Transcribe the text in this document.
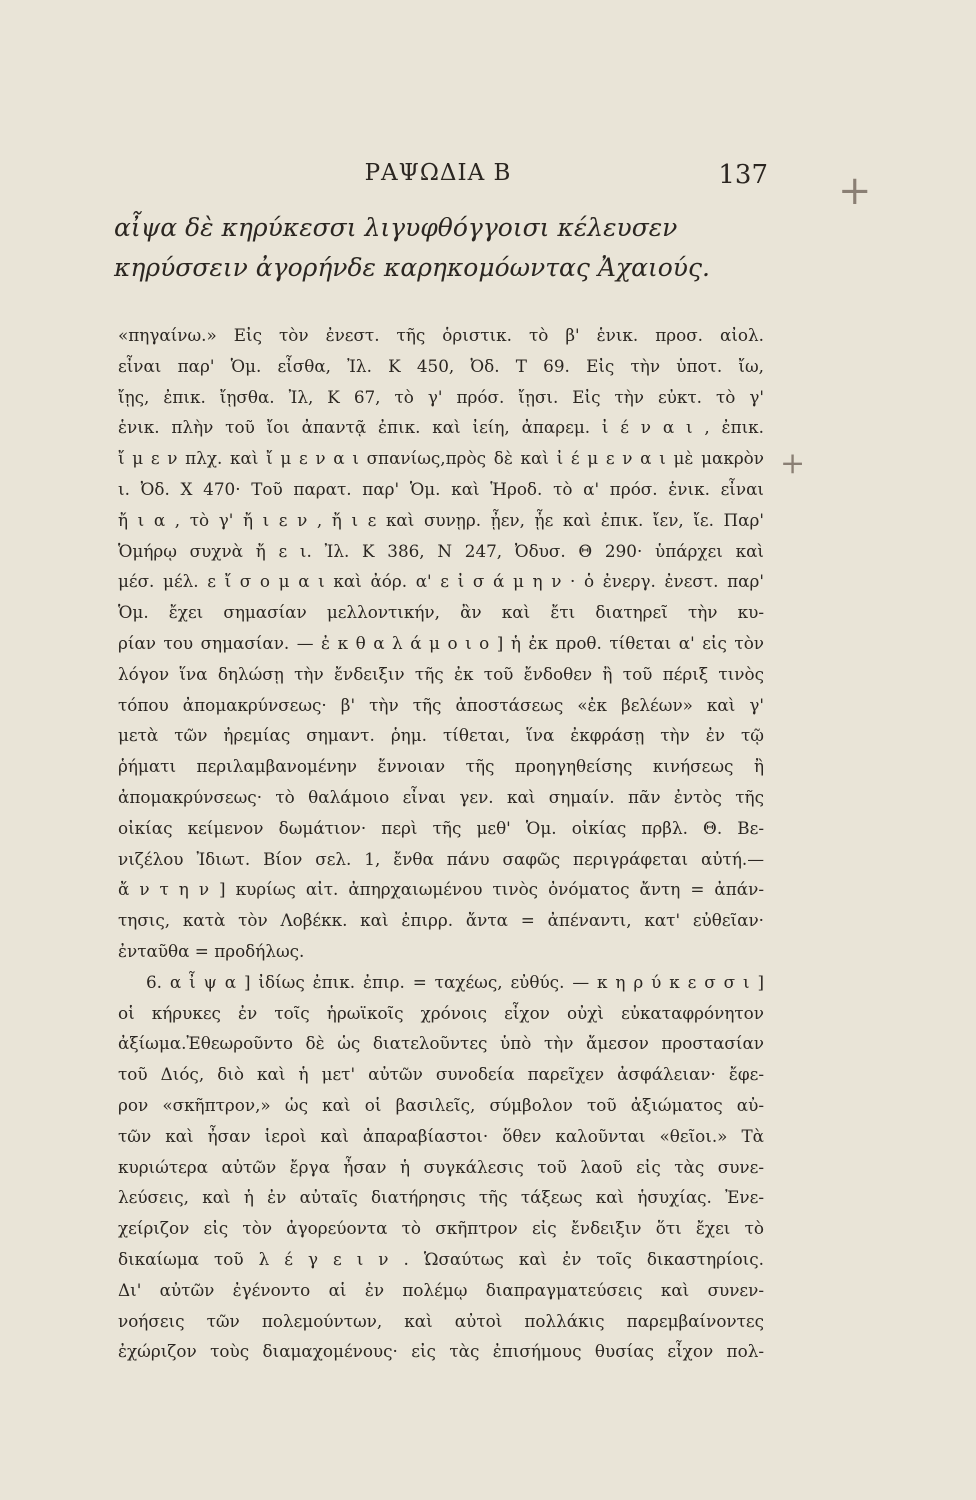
ΡΑΨΩΔΙΑ Β	137
αἶψα δὲ κηρύκεσσι λιγυφθόγγοισι κέλευσεν
κηρύσσειν ἀγορήνδε καρηκομόωντας Ἀχαιούς.
«πηγαίνω.» Εἰς τὸν ἐνεστ. τῆς ὁριστικ. τὸ β' ἑνικ. προσ. αἰολ.
εἶναι παρ' Ὁμ. εἶσθα, Ἰλ. Κ 450, Ὀδ. Τ 69. Εἰς τὴν ὑποτ. ἴω,
ἴῃς, ἐπικ. ἴῃσθα. Ἰλ, Κ 67, τὸ γ' πρόσ. ἴῃσι. Εἰς τὴν εὐκτ. τὸ γ'
ἑνικ. πλὴν τοῦ ἴοι ἀπαντᾷ ἐπικ. καὶ ἰείη, ἀπαρεμ. ἰ έ ν α ι , ἐπικ.
ἴ μ ε ν πλχ. καὶ ἴ μ ε ν α ι σπανίως,πρὸς δὲ καὶ ἰ έ μ ε ν α ι μὲ μακρὸν
ι. Ὀδ. Χ 470· Τοῦ παρατ. παρ' Ὁμ. καὶ Ἡροδ. τὸ α' πρόσ. ἑνικ. εἶναι
ἤ ι α , τὸ γ' ἤ ι ε ν , ἤ ι ε καὶ συνῃρ. ᾖεν, ᾖε καὶ ἐπικ. ἴεν, ἴε. Παρ'
Ὁμήρῳ συχνὰ ἤ ε ι. Ἰλ. Κ 386, Ν 247, Ὀδυσ. Θ 290· ὑπάρχει καὶ
μέσ. μέλ. ε ἴ σ ο μ α ι καὶ ἀόρ. α' ε ἰ σ ά μ η ν · ὁ ἐνεργ. ἐνεστ. παρ'
Ὁμ. ἔχει σημασίαν μελλοντικήν, ἂν καὶ ἔτι διατηρεῖ τὴν κυ-
ρίαν του σημασίαν. — ἐ κ θ α λ ά μ ο ι ο ] ἡ ἐκ προθ. τίθεται α' εἰς τὸν
λόγον ἵνα δηλώσῃ τὴν ἔνδειξιν τῆς ἐκ τοῦ ἔνδοθεν ἢ τοῦ πέριξ τινὸς
τόπου ἀπομακρύνσεως· β' τὴν τῆς ἀποστάσεως «ἐκ βελέων» καὶ γ'
μετὰ τῶν ἠρεμίας σημαντ. ῥημ. τίθεται, ἵνα ἐκφράσῃ τὴν ἐν τῷ
ῥήματι περιλαμβανομένην ἔννοιαν τῆς προηγηθείσης κινήσεως ἢ
ἀπομακρύνσεως· τὸ θαλάμοιο εἶναι γεν. καὶ σημαίν. πᾶν ἐντὸς τῆς
οἰκίας κείμενον δωμάτιον· περὶ τῆς μεθ' Ὁμ. οἰκίας πρβλ. Θ. Βε-
νιζέλου Ἰδιωτ. Βίον σελ. 1, ἔνθα πάνυ σαφῶς περιγράφεται αὐτή.—
ἄ ν τ η ν ] κυρίως αἰτ. ἀπηρχαιωμένου τινὸς ὀνόματος ἄντη = ἀπάν-
τησις, κατὰ τὸν Λοβέκκ. καὶ ἐπιρρ. ἄντα = ἀπέναντι, κατ' εὐθεῖαν·
ἐνταῦθα = προδήλως.
6. α ἶ ψ α ] ἰδίως ἐπικ. ἐπιρ. = ταχέως, εὐθύς. — κ η ρ ύ κ ε σ σ ι ]
οἱ κήρυκες ἐν τοῖς ἡρωϊκοῖς χρόνοις εἶχον οὐχὶ εὐκαταφρόνητον
ἀξίωμα.Ἐθεωροῦντο δὲ ὡς διατελοῦντες ὑπὸ τὴν ἄμεσον προστασίαν
τοῦ Διός, διὸ καὶ ἡ μετ' αὐτῶν συνοδεία παρεῖχεν ἀσφάλειαν· ἔφε-
ρον «σκῆπτρον,» ὡς καὶ οἱ βασιλεῖς, σύμβολον τοῦ ἀξιώματος αὐ-
τῶν καὶ ἦσαν ἱεροὶ καὶ ἀπαραβίαστοι· ὅθεν καλοῦνται «θεῖοι.» Τὰ
κυριώτερα αὐτῶν ἔργα ἦσαν ἡ συγκάλεσις τοῦ λαοῦ εἰς τὰς συνε-
λεύσεις, καὶ ἡ ἐν αὐταῖς διατήρησις τῆς τάξεως καὶ ἡσυχίας. Ἐνε-
χείριζον εἰς τὸν ἀγορεύοντα τὸ σκῆπτρον εἰς ἔνδειξιν ὅτι ἔχει τὸ
δικαίωμα τοῦ λ έ γ ε ι ν . Ὡσαύτως καὶ ἐν τοῖς δικαστηρίοις.
Δι' αὐτῶν ἐγένοντο αἱ ἐν πολέμῳ διαπραγματεύσεις καὶ συνεν-
νοήσεις τῶν πολεμούντων, καὶ αὐτοὶ πολλάκις παρεμβαίνοντες
ἐχώριζον τοὺς διαμαχομένους· εἰς τὰς ἐπισήμους θυσίας εἶχον πολ-
+
+
